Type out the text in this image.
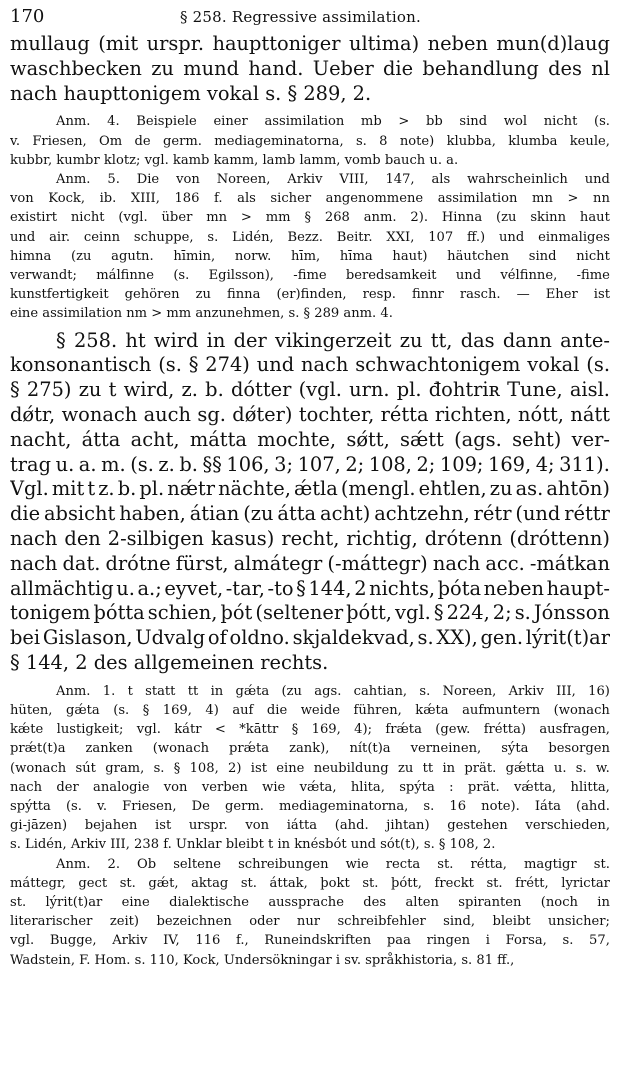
170	§ 258. Regressive assimilation.
mullaug (mit urspr. haupttoniger ultima) neben mun(d)laug
waschbecken zu mund hand. Ueber die behandlung des nl
nach haupttonigem vokal s. § 289, 2.
Anm. 4. Beispiele einer assimilation mb > bb sind wol nicht (s.
v. Friesen, Om de germ. mediageminatorna, s. 8 note) klubba, klumba keule,
kubbr, kumbr klotz; vgl. kamb kamm, lamb lamm, vomb bauch u. a.
Anm. 5. Die von Noreen, Arkiv VIII, 147, als wahrscheinlich und
von Kock, ib. XIII, 186 f. als sicher angenommene assimilation mn > nn
existirt nicht (vgl. über mn > mm § 268 anm. 2). Hinna (zu skinn haut
und air. ceinn schuppe, s. Lidén, Bezz. Beitr. XXI, 107 ff.) und einmaliges
himna (zu agutn. hīmin, norw. hīm, hīma haut) häutchen sind nicht
verwandt; málfinne (s. Egilsson), -fime beredsamkeit und vélfinne, -fime
kunstfertigkeit gehören zu finna (er)finden, resp. finnr rasch. — Eher ist
eine assimilation nm > mm anzunehmen, s. § 289 anm. 4.
§ 258. ht wird in der vikingerzeit zu tt, das dann ante-
konsonantisch (s. § 274) und nach schwachtonigem vokal (s.
§ 275) zu t wird, z. b. dótter (vgl. urn. pl. đohtriʀ Tune, aisl.
dǿtr, wonach auch sg. dǿter) tochter, rétta richten, nótt, nátt
nacht, átta acht, mátta mochte, sǿtt, sǽtt (ags. seht) ver-
trag u. a. m. (s. z. b. §§ 106, 3; 107, 2; 108, 2; 109; 169, 4; 311).
Vgl. mit t z. b. pl. nǽtr nächte, ǽtla (mengl. ehtlen, zu as. ahtōn)
die absicht haben, átian (zu átta acht) achtzehn, rétr (und réttr
nach den 2-silbigen kasus) recht, richtig, drótenn (dróttenn)
nach dat. drótne fürst, almátegr (-máttegr) nach acc. -mátkan
allmächtig u. a.; eyvet, -tar, -to § 144, 2 nichts, þóta neben haupt-
tonigem þótta schien, þót (seltener þótt, vgl. § 224, 2; s. Jónsson
bei Gislason, Udvalg of oldno. skjaldekvad, s. XX), gen. lýrit(t)ar
§ 144, 2 des allgemeinen rechts.
Anm. 1. t statt tt in gǽta (zu ags. cahtian, s. Noreen, Arkiv III, 16)
hüten, gǽta (s. § 169, 4) auf die weide führen, kǽta aufmuntern (wonach
kǽte lustigkeit; vgl. kátr < *kāttr § 169, 4); frǽta (gew. frétta) ausfragen,
prǽt(t)a zanken (wonach prǽta zank), nít(t)a verneinen, sýta besorgen
(wonach sút gram, s. § 108, 2) ist eine neubildung zu tt in prät. gǽtta u. s. w.
nach der analogie von verben wie vǽta, hlita, spýta : prät. vǽtta, hlitta,
spýtta (s. v. Friesen, De germ. mediageminatorna, s. 16 note). Iáta (ahd.
gi-jāzen) bejahen ist urspr. von iátta (ahd. jihtan) gestehen verschieden,
s. Lidén, Arkiv III, 238 f. Unklar bleibt t in knésbót und sót(t), s. § 108, 2.
Anm. 2. Ob seltene schreibungen wie recta st. rétta, magtigr st.
máttegr, gect st. gǽt, aktag st. áttak, þokt st. þótt, freckt st. frétt, lyrictar
st. lýrit(t)ar eine dialektische aussprache des alten spiranten (noch in
literarischer zeit) bezeichnen oder nur schreibfehler sind, bleibt unsicher;
vgl. Bugge, Arkiv IV, 116 f., Runeindskriften paa ringen i Forsa, s. 57,
Wadstein, F. Hom. s. 110, Kock, Undersökningar i sv. språkhistoria, s. 81 ff.,
